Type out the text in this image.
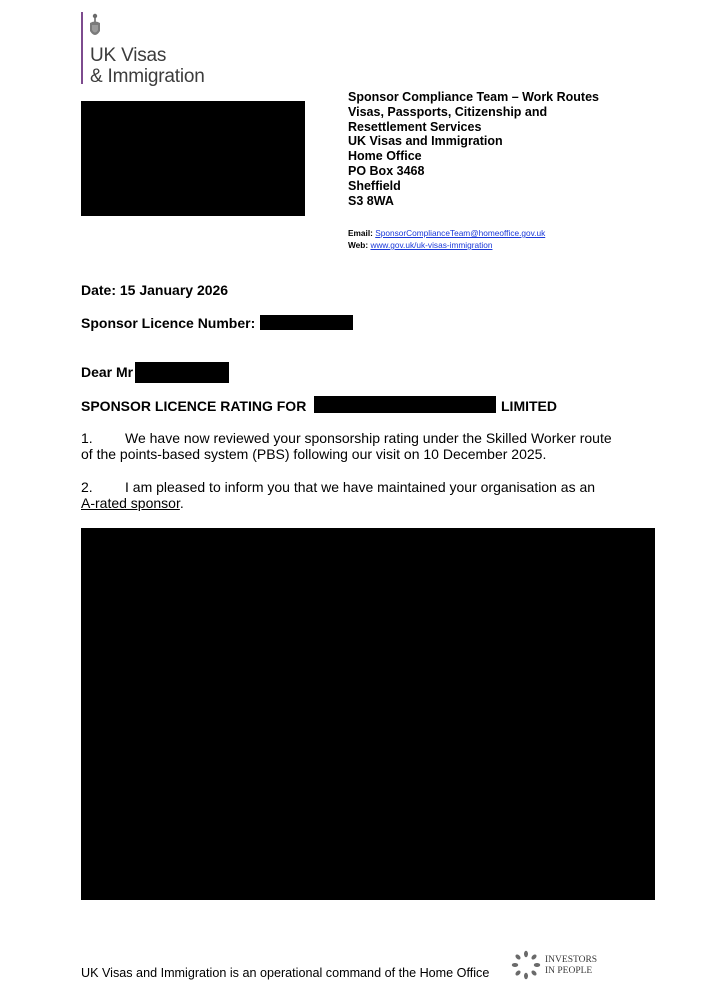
UK Visas
& Immigration
Sponsor Compliance Team – Work Routes
Visas, Passports, Citizenship and
Resettlement Services
UK Visas and Immigration
Home Office
PO Box 3468
Sheffield
S3 8WA
Email: SponsorComplianceTeam@homeoffice.gov.uk
Web: www.gov.uk/uk-visas-immigration
Date: 15 January 2026
Sponsor Licence Number:
Dear Mr
SPONSOR LICENCE RATING FOR	LIMITED
1. We have now reviewed your sponsorship rating under the Skilled Worker route
of the points-based system (PBS) following our visit on 10 December 2025.
2. I am pleased to inform you that we have maintained your organisation as an
A-rated sponsor.
UK Visas and Immigration is an operational command of the Home Office
INVESTORS
IN PEOPLE
